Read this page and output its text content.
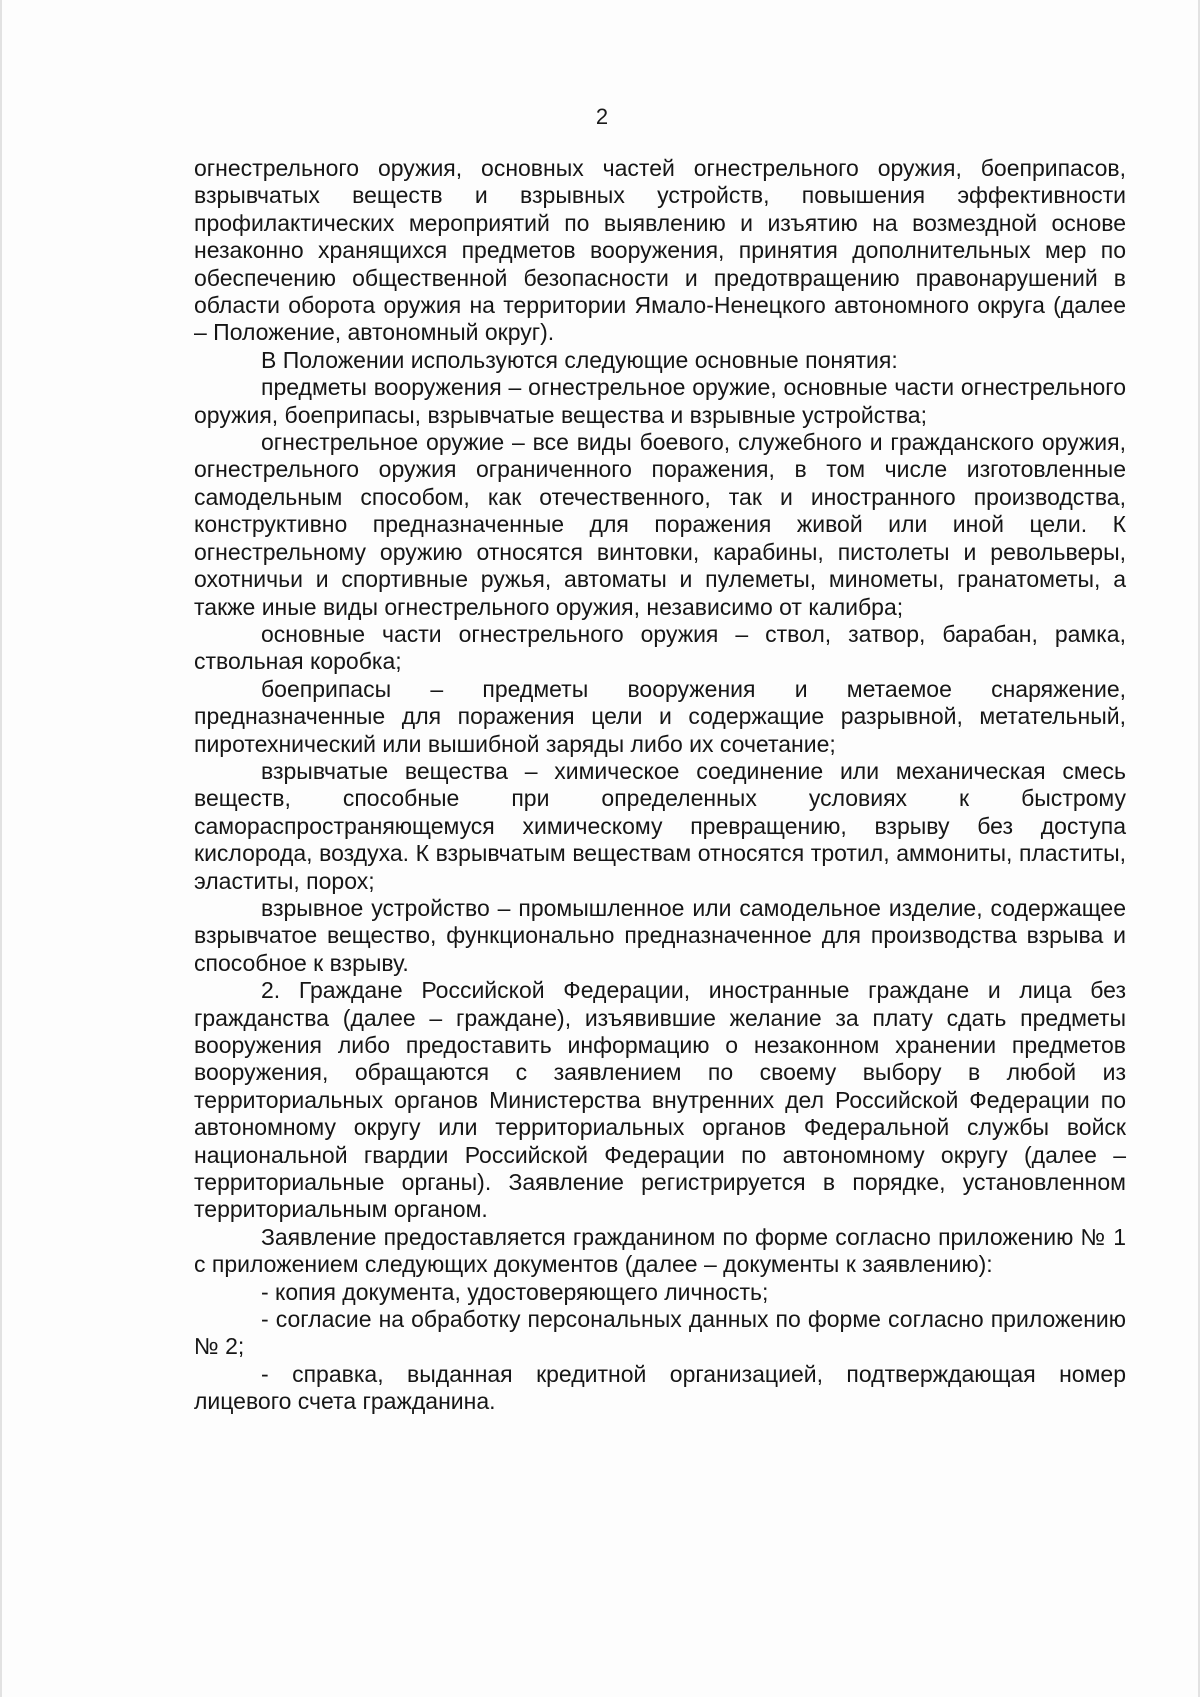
2

огнестрельного оружия, основных частей огнестрельного оружия, боеприпасов, взрывчатых веществ и взрывных устройств, повышения эффективности профилактических мероприятий по выявлению и изъятию на возмездной основе незаконно хранящихся предметов вооружения, принятия дополнительных мер по обеспечению общественной безопасности и предотвращению правонарушений в области оборота оружия на территории Ямало-Ненецкого автономного округа (далее – Положение, автономный округ).

В Положении используются следующие основные понятия:

предметы вооружения – огнестрельное оружие, основные части огнестрельного оружия, боеприпасы, взрывчатые вещества и взрывные устройства;

огнестрельное оружие – все виды боевого, служебного и гражданского оружия, огнестрельного оружия ограниченного поражения, в том числе изготовленные самодельным способом, как отечественного, так и иностранного производства, конструктивно предназначенные для поражения живой или иной цели. К огнестрельному оружию относятся винтовки, карабины, пистолеты и револьверы, охотничьи и спортивные ружья, автоматы и пулеметы, минометы, гранатометы, а также иные виды огнестрельного оружия, независимо от калибра;

основные части огнестрельного оружия – ствол, затвор, барабан, рамка, ствольная коробка;

боеприпасы – предметы вооружения и метаемое снаряжение, предназначенные для поражения цели и содержащие разрывной, метательный, пиротехнический или вышибной заряды либо их сочетание;

взрывчатые вещества – химическое соединение или механическая смесь веществ, способные при определенных условиях к быстрому самораспространяющемуся химическому превращению, взрыву без доступа кислорода, воздуха. К взрывчатым веществам относятся тротил, аммониты, пластиты, эластиты, порох;

взрывное устройство – промышленное или самодельное изделие, содержащее взрывчатое вещество, функционально предназначенное для производства взрыва и способное к взрыву.

2. Граждане Российской Федерации, иностранные граждане и лица без гражданства (далее – граждане), изъявившие желание за плату сдать предметы вооружения либо предоставить информацию о незаконном хранении предметов вооружения, обращаются с заявлением по своему выбору в любой из территориальных органов Министерства внутренних дел Российской Федерации по автономному округу или территориальных органов Федеральной службы войск национальной гвардии Российской Федерации по автономному округу (далее – территориальные органы). Заявление регистрируется в порядке, установленном территориальным органом.

Заявление предоставляется гражданином по форме согласно приложению № 1 с приложением следующих документов (далее – документы к заявлению):

- копия документа, удостоверяющего личность;

- согласие на обработку персональных данных по форме согласно приложению № 2;

- справка, выданная кредитной организацией, подтверждающая номер лицевого счета гражданина.
